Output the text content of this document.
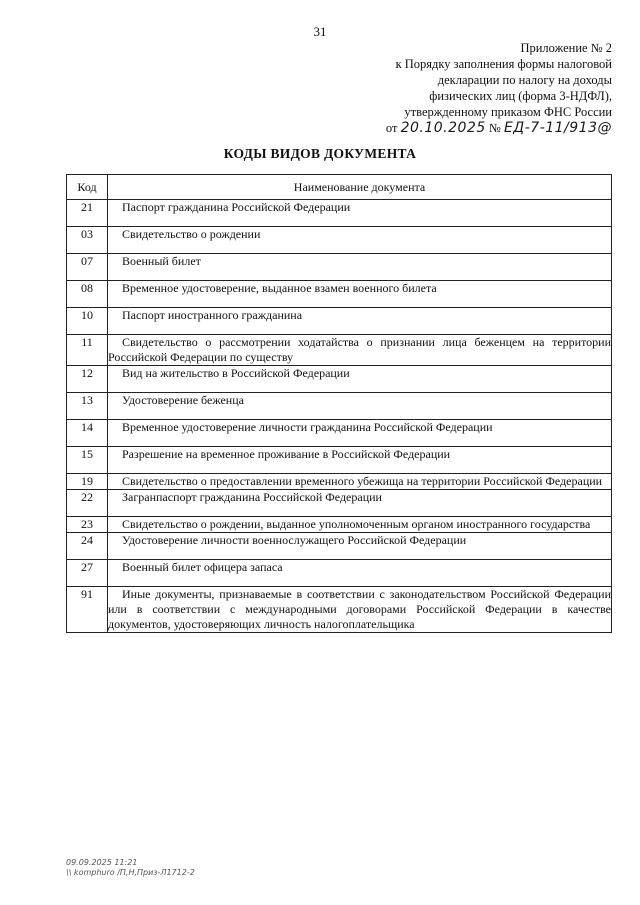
31
Приложение № 2
к Порядку заполнения формы налоговой
декларации по налогу на доходы
физических лиц (форма 3-НДФЛ),
утвержденному приказом ФНС России
от 20.10.2025 № ЕД-7-11/913@
КОДЫ ВИДОВ ДОКУМЕНТА
Код	Наименование документа
21	Паспорт гражданина Российской Федерации
03	Свидетельство о рождении
07	Военный билет
08	Временное удостоверение, выданное взамен военного билета
10	Паспорт иностранного гражданина
11	Свидетельство о рассмотрении ходатайства о признании лица беженцем на территории Российской Федерации по существу
12	Вид на жительство в Российской Федерации
13	Удостоверение беженца
14	Временное удостоверение личности гражданина Российской Федерации
15	Разрешение на временное проживание в Российской Федерации
19	Свидетельство о предоставлении временного убежища на территории Российской Федерации
22	Загранпаспорт гражданина Российской Федерации
23	Свидетельство о рождении, выданное уполномоченным органом иностранного государства
24	Удостоверение личности военнослужащего Российской Федерации
27	Военный билет офицера запаса
91	Иные документы, признаваемые в соответствии с законодательством Российской Федерации или в соответствии с международными договорами Российской Федерации в качестве документов, удостоверяющих личность налогоплательщика
09.09.2025 11:21
\\ komphuro /П,Н,Приз-Л1712-2
